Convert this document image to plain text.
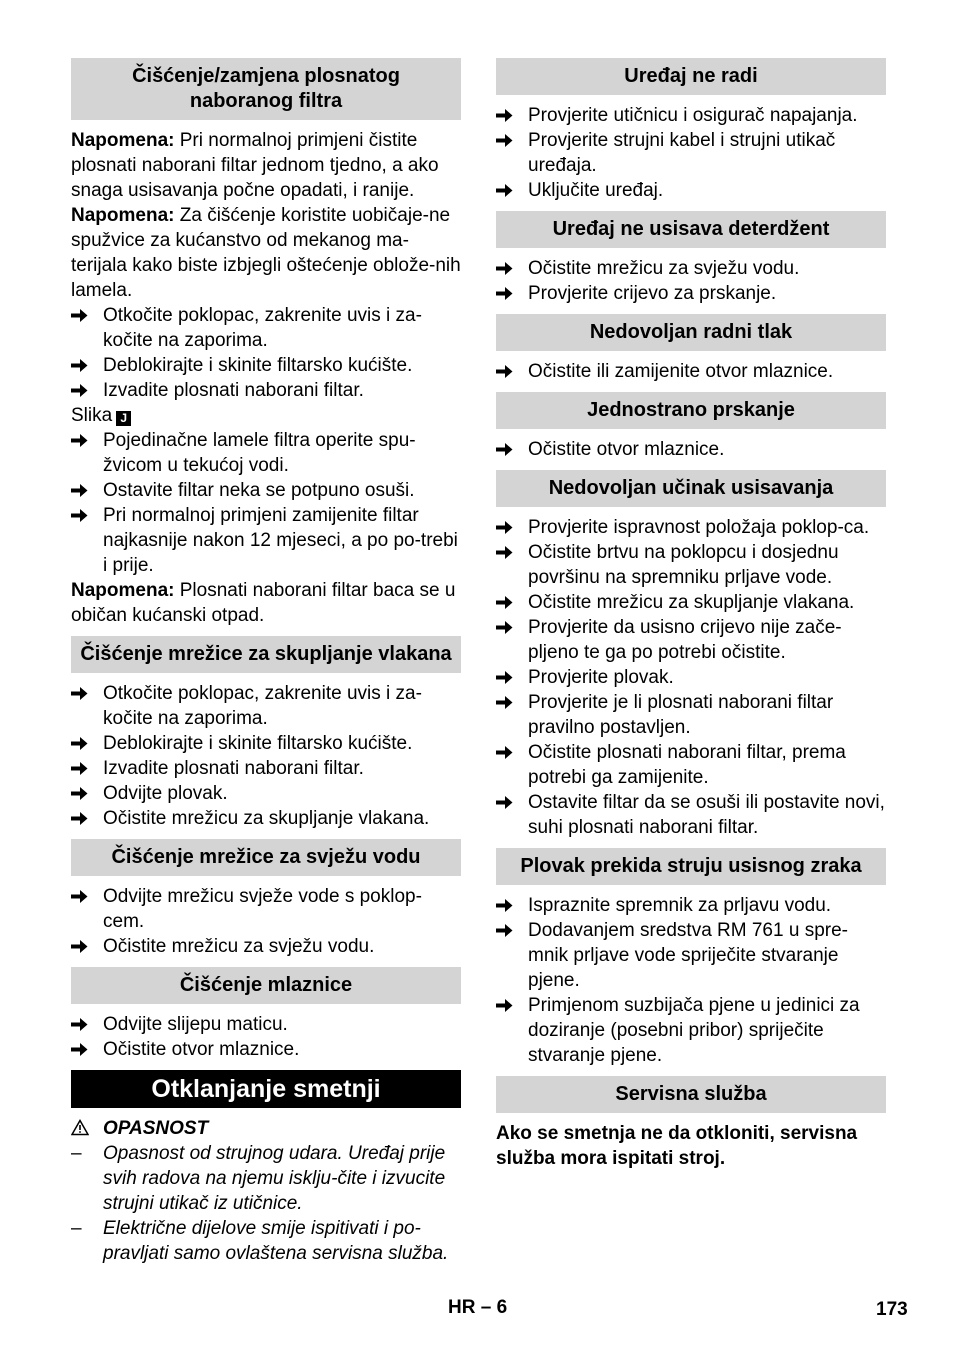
Čišćenje/zamjena plosnatog naboranog filtra

Napomena: Pri normalnoj primjeni čistite plosnati naborani filtar jednom tjedno, a ako snaga usisavanja počne opadati, i ranije.

Napomena: Za čišćenje koristite uobičaje-ne spužvice za kućanstvo od mekanog ma-terijala kako biste izbjegli oštećenje oblože-nih lamela.

Otkočite poklopac, zakrenite uvis i za-kočite na zaporima.
Deblokirajte i skinite filtarsko kućište.
Izvadite plosnati naborani filtar.

Slika J

Pojedinačne lamele filtra operite spu-žvicom u tekućoj vodi.
Ostavite filtar neka se potpuno osuši.
Pri normalnoj primjeni zamijenite filtar najkasnije nakon 12 mjeseci, a po po-trebi i prije.

Napomena: Plosnati naborani filtar baca se u običan kućanski otpad.

Čišćenje mrežice za skupljanje vlakana
Otkočite poklopac, zakrenite uvis i za-kočite na zaporima.
Deblokirajte i skinite filtarsko kućište.
Izvadite plosnati naborani filtar.
Odvijte plovak.
Očistite mrežicu za skupljanje vlakana.
Čišćenje mrežice za svježu vodu
Odvijte mrežicu svježe vode s poklop-cem.
Očistite mrežicu za svježu vodu.
Čišćenje mlaznice
Odvijte slijepu maticu.
Očistite otvor mlaznice.
Otklanjanje smetnji
OPASNOST
– Opasnost od strujnog udara. Uređaj prije svih radova na njemu isklju-čite i izvucite strujni utikač iz utičnice.
– Električne dijelove smije ispitivati i po-pravljati samo ovlaštena servisna služba.
Uređaj ne radi
Provjerite utičnicu i osigurač napajanja.
Provjerite strujni kabel i strujni utikač uređaja.
Uključite uređaj.
Uređaj ne usisava deterdžent
Očistite mrežicu za svježu vodu.
Provjerite crijevo za prskanje.
Nedovoljan radni tlak
Očistite ili zamijenite otvor mlaznice.
Jednostrano prskanje
Očistite otvor mlaznice.
Nedovoljan učinak usisavanja
Provjerite ispravnost položaja poklop-ca.
Očistite brtvu na poklopcu i dosjednu površinu na spremniku prljave vode.
Očistite mrežicu za skupljanje vlakana.
Provjerite da usisno crijevo nije zače-pljeno te ga po potrebi očistite.
Provjerite plovak.
Provjerite je li plosnati naborani filtar pravilno postavljen.
Očistite plosnati naborani filtar, prema potrebi ga zamijenite.
Ostavite filtar da se osuši ili postavite novi, suhi plosnati naborani filtar.
Plovak prekida struju usisnog zraka
Ispraznite spremnik za prljavu vodu.
Dodavanjem sredstva RM 761 u spre-mnik prljave vode spriječite stvaranje pjene.
Primjenom suzbijača pjene u jedinici za doziranje (posebni pribor) spriječite stvaranje pjene.
Servisna služba

Ako se smetnja ne da otkloniti, servisna služba mora ispitati stroj.

HR – 6	173
